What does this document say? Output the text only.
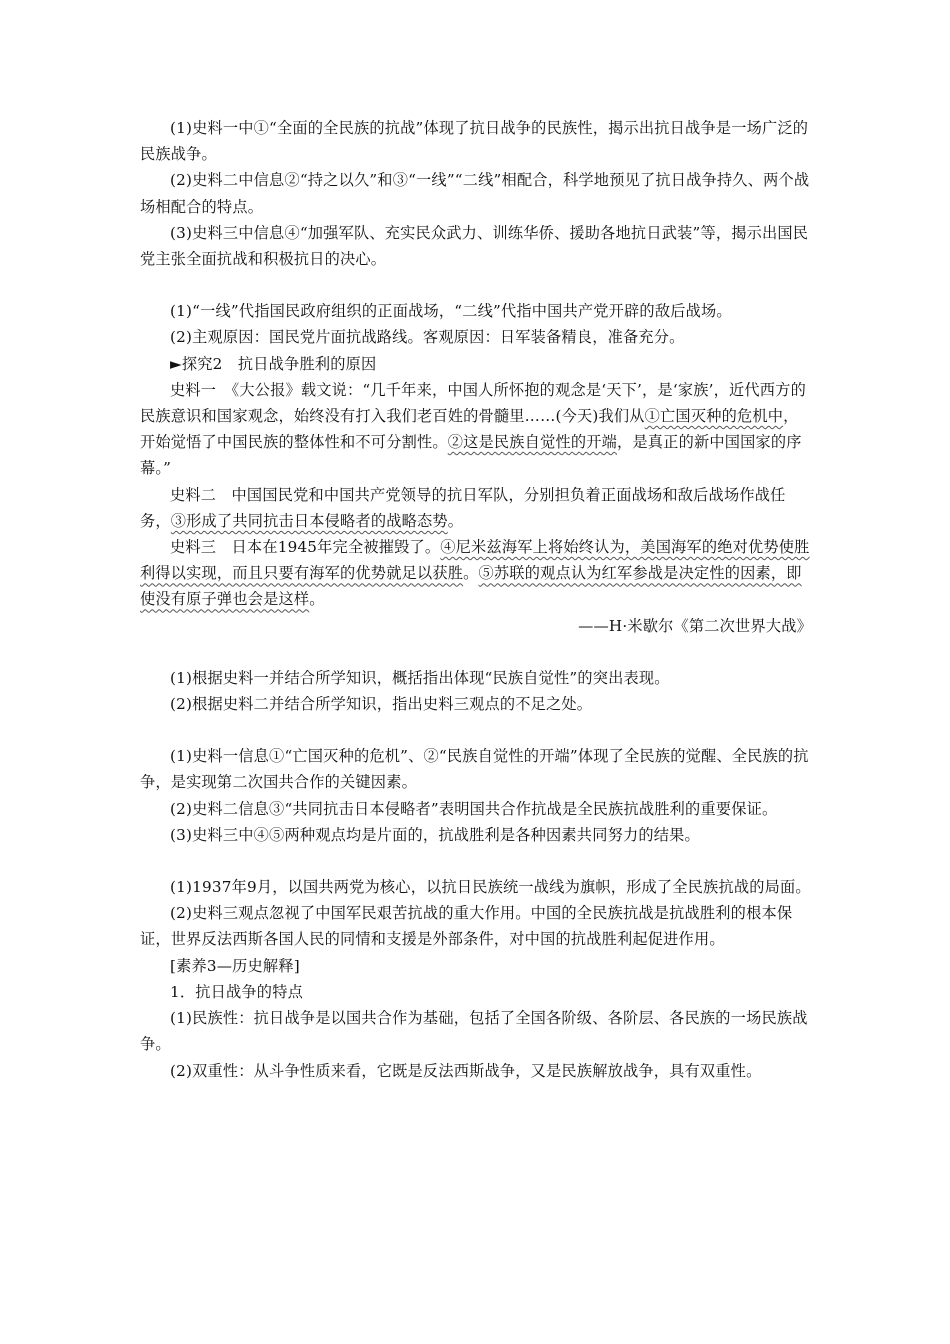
(1)史料一中①“全面的全民族的抗战”体现了抗日战争的民族性，揭示出抗日战争是一场广泛的民族战争。

(2)史料二中信息②“持之以久”和③“一线”“二线”相配合，科学地预见了抗日战争持久、两个战场相配合的特点。

(3)史料三中信息④“加强军队、充实民众武力、训练华侨、援助各地抗日武装”等，揭示出国民党主张全面抗战和积极抗日的决心。

(1)“一线”代指国民政府组织的正面战场，“二线”代指中国共产党开辟的敌后战场。

(2)主观原因：国民党片面抗战路线。客观原因：日军装备精良，准备充分。

►探究2　抗日战争胜利的原因

史料一　《大公报》载文说：“几千年来，中国人所怀抱的观念是‘天下’，是‘家族’，近代西方的民族意识和国家观念，始终没有打入我们老百姓的骨髓里……(今天)我们从①亡国灭种的危机中，开始觉悟了中国民族的整体性和不可分割性。②这是民族自觉性的开端，是真正的新中国国家的序幕。”

史料二　中国国民党和中国共产党领导的抗日军队，分别担负着正面战场和敌后战场作战任务，③形成了共同抗击日本侵略者的战略态势。

史料三　日本在1945年完全被摧毁了。④尼米兹海军上将始终认为，美国海军的绝对优势使胜利得以实现，而且只要有海军的优势就足以获胜。⑤苏联的观点认为红军参战是决定性的因素，即使没有原子弹也会是这样。

——H·米歇尔《第二次世界大战》

(1)根据史料一并结合所学知识，概括指出体现“民族自觉性”的突出表现。

(2)根据史料二并结合所学知识，指出史料三观点的不足之处。

(1)史料一信息①“亡国灭种的危机”、②“民族自觉性的开端”体现了全民族的觉醒、全民族的抗争，是实现第二次国共合作的关键因素。

(2)史料二信息③“共同抗击日本侵略者”表明国共合作抗战是全民族抗战胜利的重要保证。

(3)史料三中④⑤两种观点均是片面的，抗战胜利是各种因素共同努力的结果。

(1)1937年9月，以国共两党为核心，以抗日民族统一战线为旗帜，形成了全民族抗战的局面。

(2)史料三观点忽视了中国军民艰苦抗战的重大作用。中国的全民族抗战是抗战胜利的根本保证，世界反法西斯各国人民的同情和支援是外部条件，对中国的抗战胜利起促进作用。

[素养3—历史解释]

1．抗日战争的特点

(1)民族性：抗日战争是以国共合作为基础，包括了全国各阶级、各阶层、各民族的一场民族战争。

(2)双重性：从斗争性质来看，它既是反法西斯战争，又是民族解放战争，具有双重性。
